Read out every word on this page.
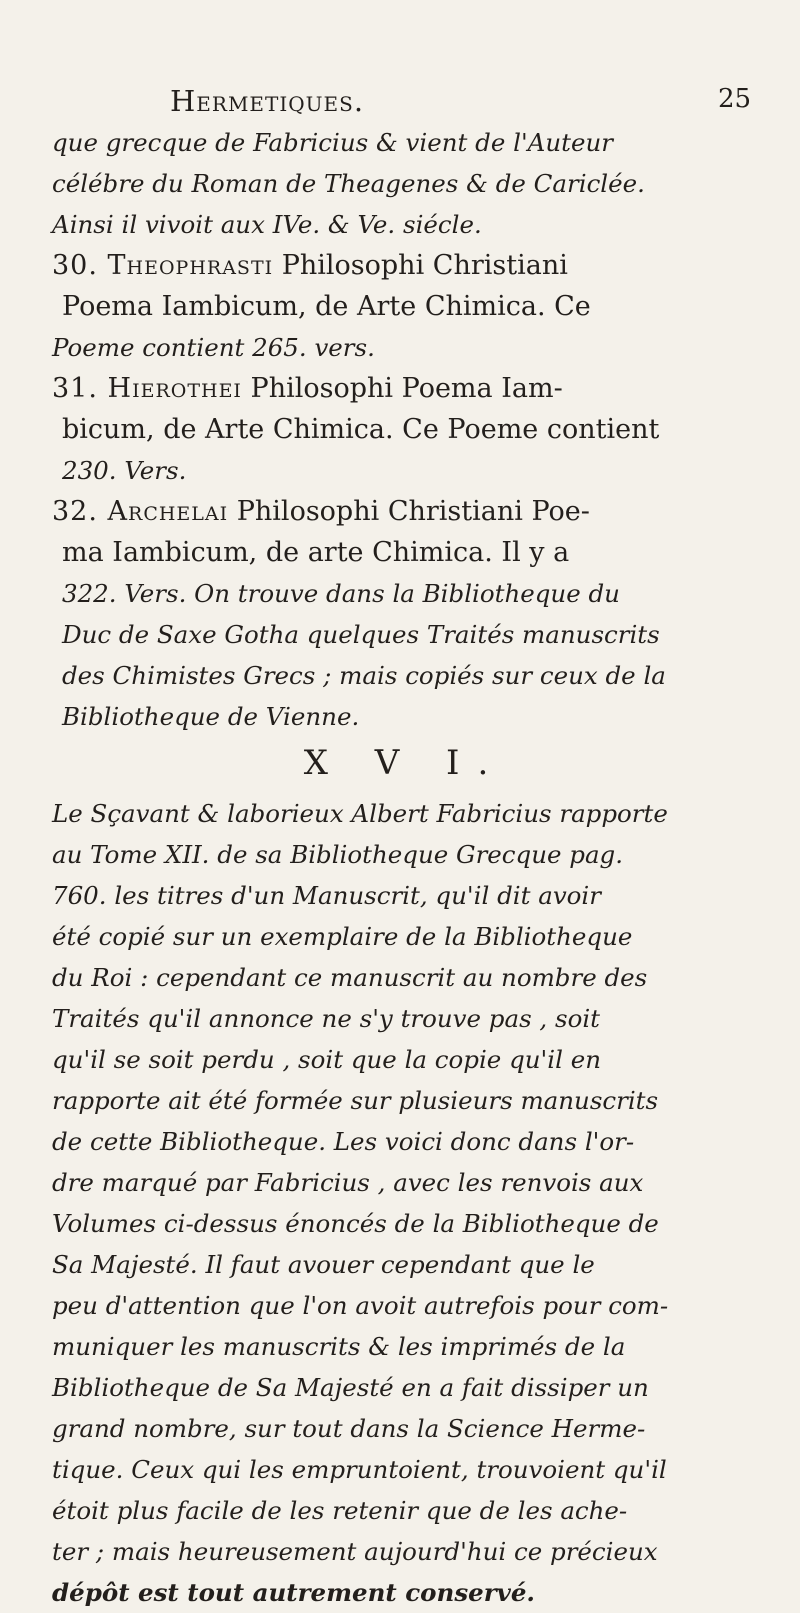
Hermetiques.	25

que grecque de Fabricius & vient de l'Auteur

célébre du Roman de Theagenes & de Cariclée.

Ainsi il vivoit aux IVe. & Ve. siécle.

30. Theophrasti Philosophi Christiani

Poema Iambicum, de Arte Chimica. Ce

Poeme contient 265. vers.

31. Hierothei Philosophi Poema Iam-

bicum, de Arte Chimica. Ce Poeme contient

230. Vers.

32. Archelai Philosophi Christiani Poe-

ma Iambicum, de arte Chimica. Il y a

322. Vers. On trouve dans la Bibliotheque du

Duc de Saxe Gotha quelques Traités manuscrits

des Chimistes Grecs ; mais copiés sur ceux de la

Bibliotheque de Vienne.

X V I.

Le Sçavant & laborieux Albert Fabricius rapporte

au Tome XII. de sa Bibliotheque Grecque pag.

760. les titres d'un Manuscrit, qu'il dit avoir

été copié sur un exemplaire de la Bibliotheque

du Roi : cependant ce manuscrit au nombre des

Traités qu'il annonce ne s'y trouve pas , soit

qu'il se soit perdu , soit que la copie qu'il en

rapporte ait été formée sur plusieurs manuscrits

de cette Bibliotheque. Les voici donc dans l'or-

dre marqué par Fabricius , avec les renvois aux

Volumes ci-dessus énoncés de la Bibliotheque de

Sa Majesté. Il faut avouer cependant que le

peu d'attention que l'on avoit autrefois pour com-

muniquer les manuscrits & les imprimés de la

Bibliotheque de Sa Majesté en a fait dissiper un

grand nombre, sur tout dans la Science Herme-

tique. Ceux qui les empruntoient, trouvoient qu'il

étoit plus facile de les retenir que de les ache-

ter ; mais heureusement aujourd'hui ce précieux

dépôt est tout autrement conservé.
